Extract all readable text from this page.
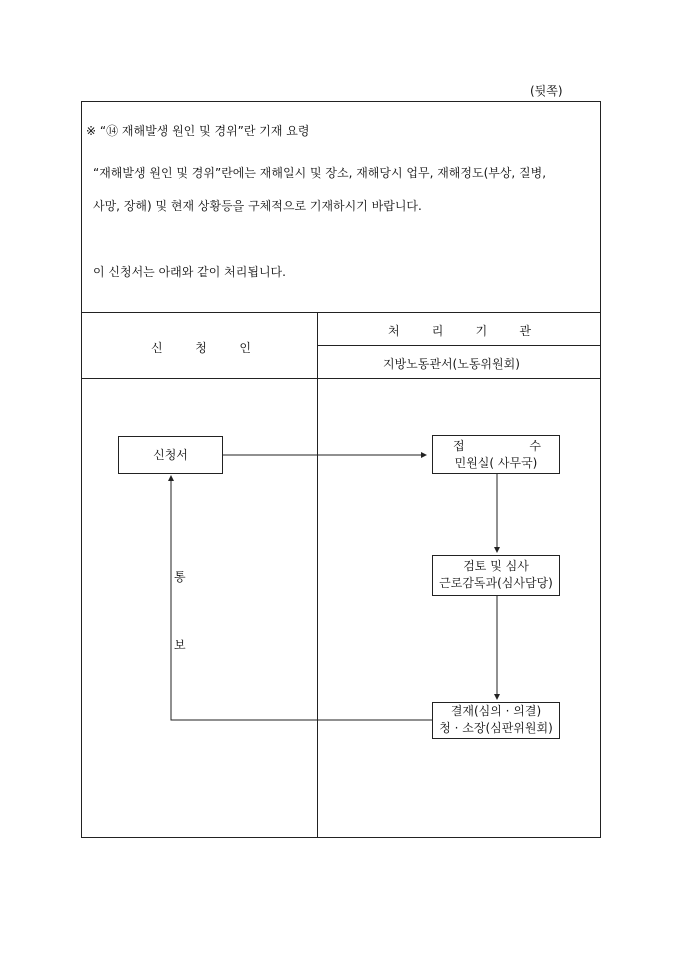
(뒷쪽)
※ “⑭ 재해발생 원인 및 경위”란 기재 요령
“재해발생 원인 및 경위”란에는 재해일시 및 장소, 재해당시 업무, 재해정도(부상, 질병,
사망, 장해) 및 현재 상황등을 구체적으로 기재하시기 바랍니다.
이 신청서는 아래와 같이 처리됩니다.
신	청	인
처	리	기	관
지방노동관서(노동위원회)
신청서
접	수
민원실( 사무국)
검토 및 심사
근로감독과(심사담당)
결재(심의 · 의결)
청 · 소장(심판위원회)
통
보
